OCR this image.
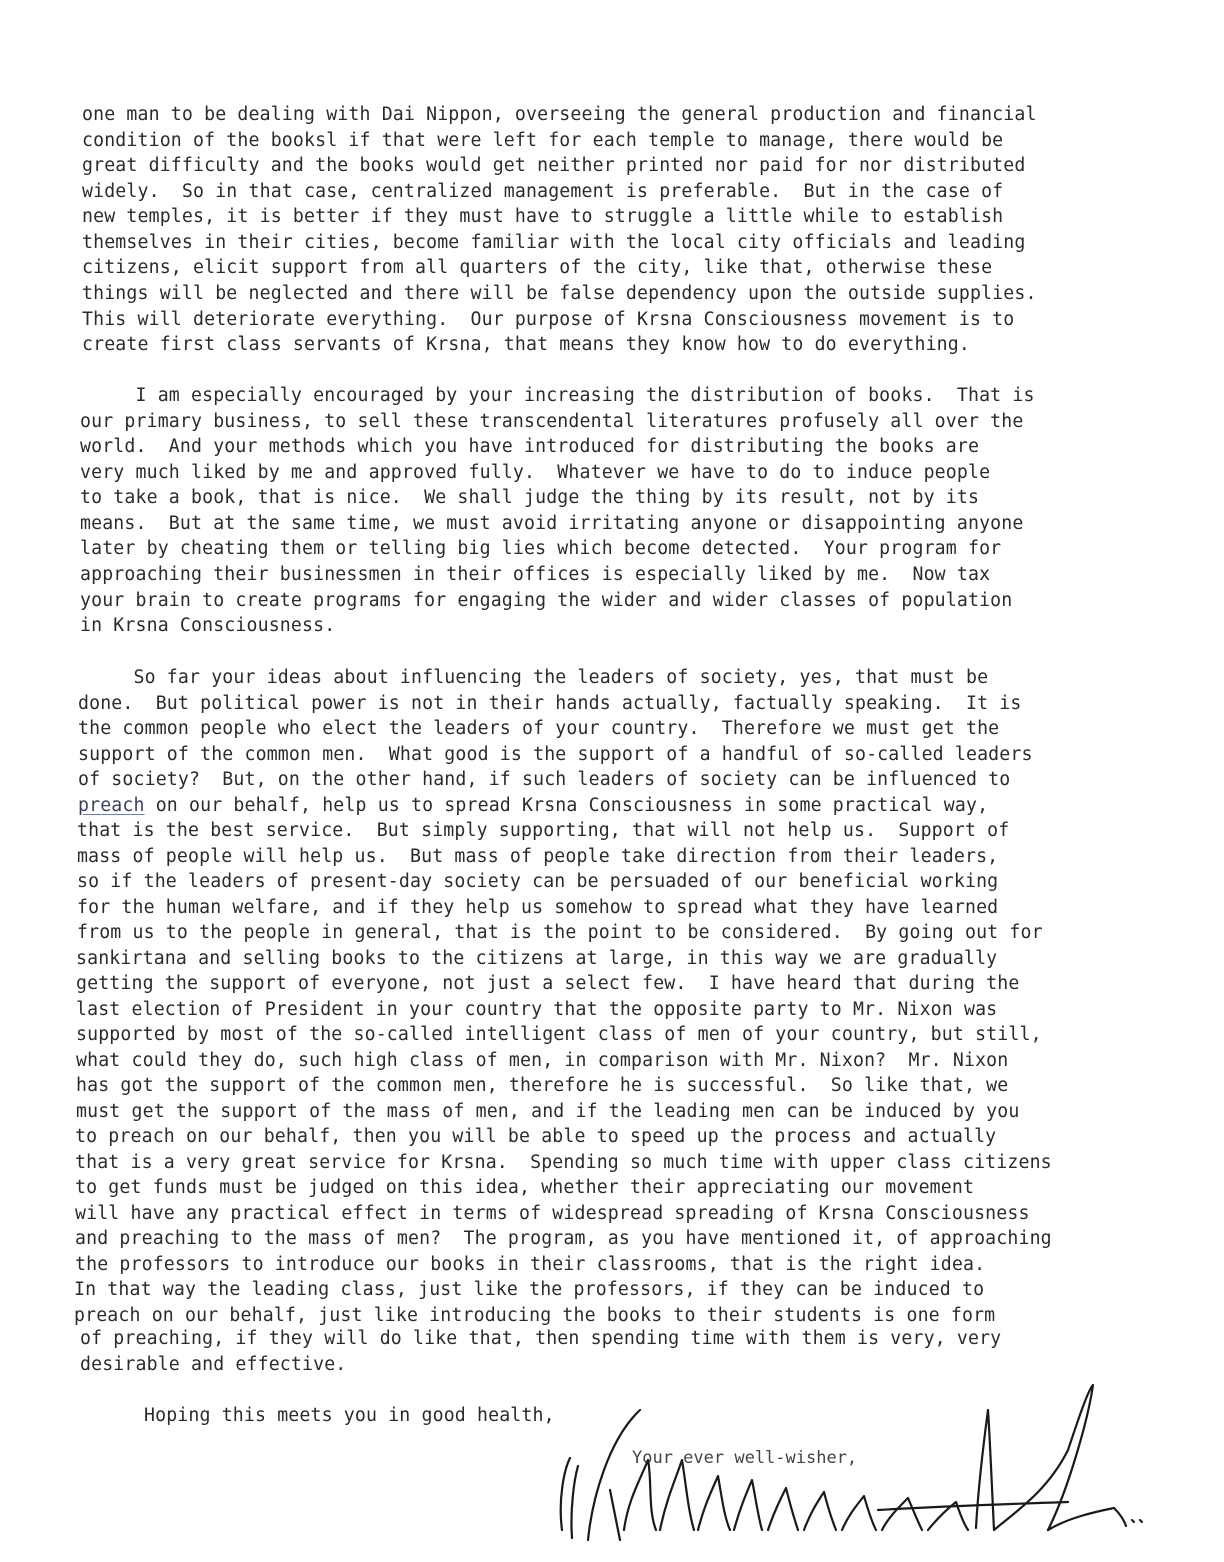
one man to be dealing with Dai Nippon, overseeing the general production and financial
condition of the booksl if that were left for each temple to manage, there would be
great difficulty and the books would get neither printed nor paid for nor distributed
widely.  So in that case, centralized management is preferable.  But in the case of
new temples, it is better if they must have to struggle a little while to establish
themselves in their cities, become familiar with the local city officials and leading
citizens, elicit support from all quarters of the city, like that, otherwise these
things will be neglected and there will be false dependency upon the outside supplies.
This will deteriorate everything.  Our purpose of Krsna Consciousness movement is to
create first class servants of Krsna, that means they know how to do everything.
I am especially encouraged by your increasing the distribution of books.  That is
our primary business, to sell these transcendental literatures profusely all over the
world.  And your methods which you have introduced for distributing the books are
very much liked by me and approved fully.  Whatever we have to do to induce people
to take a book, that is nice.  We shall judge the thing by its result, not by its
means.  But at the same time, we must avoid irritating anyone or disappointing anyone
later by cheating them or telling big lies which become detected.  Your program for
approaching their businessmen in their offices is especially liked by me.  Now tax
your brain to create programs for engaging the wider and wider classes of population
in Krsna Consciousness.
So far your ideas about influencing the leaders of society, yes, that must be
done.  But political power is not in their hands actually, factually speaking.  It is
the common people who elect the leaders of your country.  Therefore we must get the
support of the common men.  What good is the support of a handful of so-called leaders
of society?  But, on the other hand, if such leaders of society can be influenced to
preach on our behalf, help us to spread Krsna Consciousness in some practical way,
that is the best service.  But simply supporting, that will not help us.  Support of
mass of people will help us.  But mass of people take direction from their leaders,
so if the leaders of present-day society can be persuaded of our beneficial working
for the human welfare, and if they help us somehow to spread what they have learned
from us to the people in general, that is the point to be considered.  By going out for
sankirtana and selling books to the citizens at large, in this way we are gradually
getting the support of everyone, not just a select few.  I have heard that during the
last election of President in your country that the opposite party to Mr. Nixon was
supported by most of the so-called intelligent class of men of your country, but still,
what could they do, such high class of men, in comparison with Mr. Nixon?  Mr. Nixon
has got the support of the common men, therefore he is successful.  So like that, we
must get the support of the mass of men, and if the leading men can be induced by you
to preach on our behalf, then you will be able to speed up the process and actually
that is a very great service for Krsna.  Spending so much time with upper class citizens
to get funds must be judged on this idea, whether their appreciating our movement
will have any practical effect in terms of widespread spreading of Krsna Consciousness
and preaching to the mass of men?  The program, as you have mentioned it, of approaching
the professors to introduce our books in their classrooms, that is the right idea.
In that way the leading class, just like the professors, if they can be induced to
preach on our behalf, just like introducing the books to their students is one form
of preaching, if they will do like that, then spending time with them is very, very
desirable and effective.
Hoping this meets you in good health,
Your ever well-wisher,
